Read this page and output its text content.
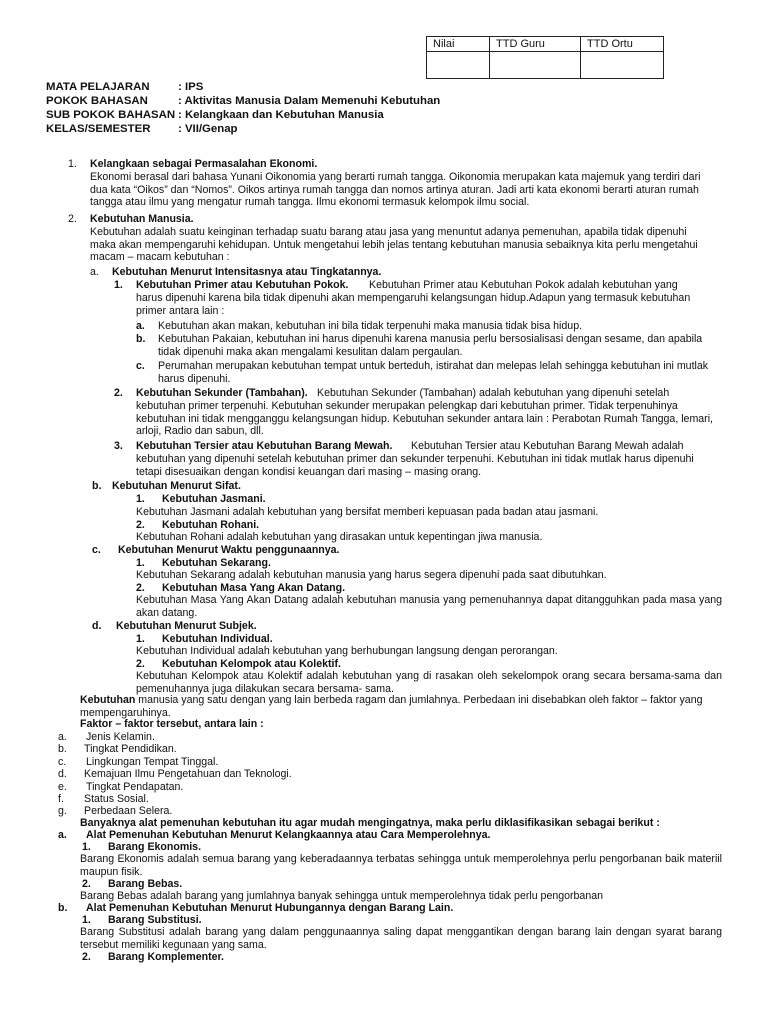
Nilai	TTD Guru	TTD Ortu

MATA PELAJARAN : IPS
POKOK BAHASAN	: Aktivitas Manusia Dalam Memenuhi Kebutuhan
SUB POKOK BAHASAN : Kelangkaan dan Kebutuhan Manusia
KELAS/SEMESTER : VII/Genap
1. Kelangkaan sebagai Permasalahan Ekonomi.
Ekonomi berasal dari bahasa Yunani Oikonomia yang berarti rumah tangga. Oikonomia merupakan kata majemuk yang terdiri dari dua kata “Oikos” dan “Nomos”. Oikos artinya rumah tangga dan nomos artinya aturan. Jadi arti kata ekonomi berarti aturan rumah tangga atau ilmu yang mengatur rumah tangga. Ilmu ekonomi termasuk kelompok ilmu social.
2. Kebutuhan Manusia.
Kebutuhan adalah suatu keinginan terhadap suatu barang atau jasa yang menuntut adanya pemenuhan, apabila tidak dipenuhi maka akan mempengaruhi kehidupan. Untuk mengetahui lebih jelas tentang kebutuhan manusia sebaiknya kita perlu mengetahui macam – macam kebutuhan :
a. Kebutuhan Menurut Intensitasnya atau Tingkatannya.
1. Kebutuhan Primer atau Kebutuhan Pokok. Kebutuhan Primer atau Kebutuhan Pokok adalah kebutuhan yang
harus dipenuhi karena bila tidak dipenuhi akan mempengaruhi kelangsungan hidup.Adapun yang termasuk kebutuhan primer antara lain :
a. Kebutuhan akan makan, kebutuhan ini bila tidak terpenuhi maka manusia tidak bisa hidup.
b. Kebutuhan Pakaian, kebutuhan ini harus dipenuhi karena manusia perlu bersosialisasi dengan sesame, dan apabila tidak dipenuhi maka akan mengalami kesulitan dalam pergaulan.
c. Perumahan merupakan kebutuhan tempat untuk berteduh, istirahat dan melepas lelah sehingga kebutuhan ini mutlak harus dipenuhi.
2. Kebutuhan Sekunder (Tambahan). Kebutuhan Sekunder (Tambahan) adalah kebutuhan yang dipenuhi setelah
kebutuhan primer terpenuhi. Kebutuhan sekunder merupakan pelengkap dari kebutuhan primer. Tidak terpenuhinya kebutuhan ini tidak mengganggu kelangsungan hidup. Kebutuhan sekunder antara lain : Perabotan Rumah Tangga, lemari, arloji, Radio dan sabun, dll.
3. Kebutuhan Tersier atau Kebutuhan Barang Mewah. Kebutuhan Tersier atau Kebutuhan Barang Mewah adalah
kebutuhan yang dipenuhi setelah kebutuhan primer dan sekunder terpenuhi. Kebutuhan ini tidak mutlak harus dipenuhi tetapi disesuaikan dengan kondisi keuangan dari masing – masing orang.
b. Kebutuhan Menurut Sifat.
1. Kebutuhan Jasmani.
Kebutuhan Jasmani adalah kebutuhan yang bersifat memberi kepuasan pada badan atau jasmani.
2. Kebutuhan Rohani.
Kebutuhan Rohani adalah kebutuhan yang dirasakan untuk kepentingan jiwa manusia.
c. Kebutuhan Menurut Waktu penggunaannya.
1. Kebutuhan Sekarang.
Kebutuhan Sekarang adalah kebutuhan manusia yang harus segera dipenuhi pada saat dibutuhkan.
2. Kebutuhan Masa Yang Akan Datang.
Kebutuhan Masa Yang Akan Datang adalah kebutuhan manusia yang pemenuhannya dapat ditangguhkan pada masa yang akan datang.
d. Kebutuhan Menurut Subjek.
1. Kebutuhan Individual.
Kebutuhan Individual adalah kebutuhan yang berhubungan langsung dengan perorangan.
2. Kebutuhan Kelompok atau Kolektif.
Kebutuhan Kelompok atau Kolektif adalah kebutuhan yang di rasakan oleh sekelompok orang secara bersama-sama dan pemenuhannya juga dilakukan secara bersama- sama.
Kebutuhan manusia yang satu dengan yang lain berbeda ragam dan jumlahnya. Perbedaan ini disebabkan oleh faktor – faktor yang mempengaruhinya.
Faktor – faktor tersebut, antara lain :
a. Jenis Kelamin.
b. Tingkat Pendidikan.
c. Lingkungan Tempat Tinggal.
d. Kemajuan Ilmu Pengetahuan dan Teknologi.
e. Tingkat Pendapatan.
f. Status Sosial.
g. Perbedaan Selera.
Banyaknya alat pemenuhan kebutuhan itu agar mudah mengingatnya, maka perlu diklasifikasikan sebagai berikut :
a. Alat Pemenuhan Kebutuhan Menurut Kelangkaannya atau Cara Memperolehnya.
1. Barang Ekonomis.
Barang Ekonomis adalah semua barang yang keberadaannya terbatas sehingga untuk memperolehnya perlu pengorbanan baik materiil maupun fisik.
2. Barang Bebas.
Barang Bebas adalah barang yang jumlahnya banyak sehingga untuk memperolehnya tidak perlu pengorbanan
b. Alat Pemenuhan Kebutuhan Menurut Hubungannya dengan Barang Lain.
1. Barang Substitusi.
Barang Substitusi adalah barang yang dalam penggunaannya saling dapat menggantikan dengan barang lain dengan syarat barang tersebut memiliki kegunaan yang sama.
2. Barang Komplementer.
